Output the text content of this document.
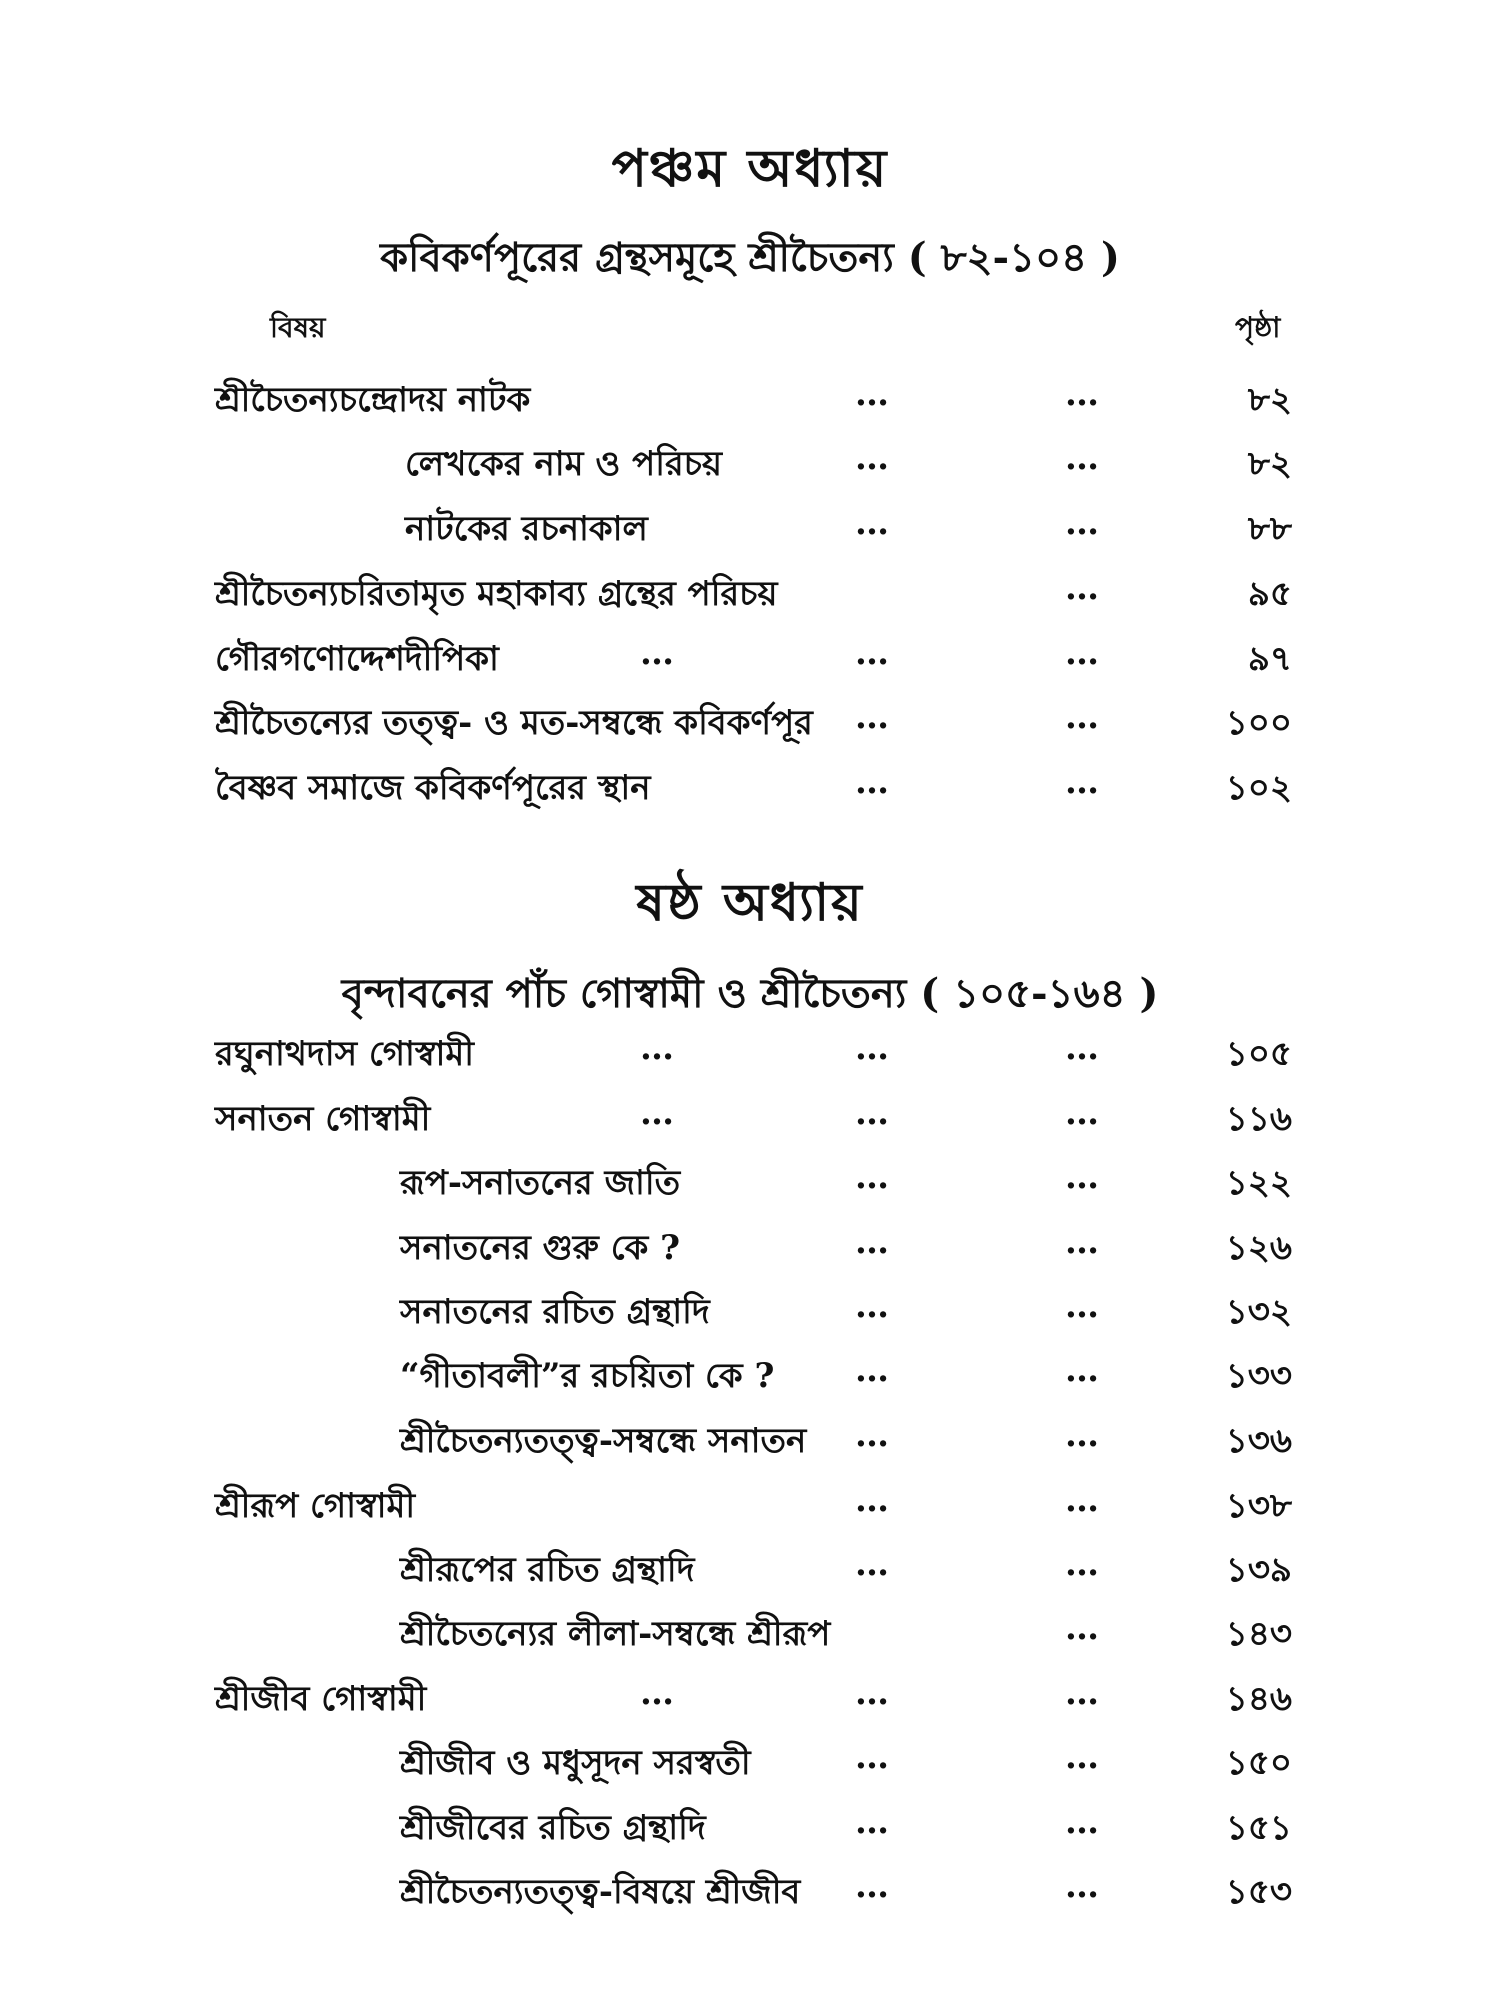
পঞ্চম অধ্যায়
কবিকর্ণপূরের গ্রন্থসমূহে শ্রীচৈতন্য ( ৮২-১০৪ )
বিষয়	পৃষ্ঠা
শ্রীচৈতন্যচন্দ্রোদয় নাটক	…	…	৮২
লেখকের নাম ও পরিচয়	…	…	৮২
নাটকের রচনাকাল	…	…	৮৮
শ্রীচৈতন্যচরিতামৃত মহাকাব্য গ্রন্থের পরিচয়	…	৯৫
গৌরগণোদ্দেশদীপিকা	…	…	…	৯৭
শ্রীচৈতন্যের তত্ত্ব- ও মত-সম্বন্ধে কবিকর্ণপূর …	…	১০০
বৈষ্ণব সমাজে কবিকর্ণপূরের স্থান	…	…	১০২
ষষ্ঠ অধ্যায়
বৃন্দাবনের পাঁচ গোস্বামী ও শ্রীচৈতন্য ( ১০৫-১৬৪ )
রঘুনাথদাস গোস্বামী	…	…	…	১০৫
সনাতন গোস্বামী	…	…	…	১১৬
রূপ-সনাতনের জাতি	…	…	১২২
সনাতনের গুরু কে ?	…	…	১২৬
সনাতনের রচিত গ্রন্থাদি	…	…	১৩২
“গীতাবলী”র রচয়িতা কে ? …	…	১৩৩
শ্রীচৈতন্যতত্ত্ব-সম্বন্ধে সনাতন …	…	১৩৬
শ্রীরূপ গোস্বামী	…	…	১৩৮
শ্রীরূপের রচিত গ্রন্থাদি	…	…	১৩৯
শ্রীচৈতন্যের লীলা-সম্বন্ধে শ্রীরূপ	…	১৪৩
শ্রীজীব গোস্বামী	…	…	…	১৪৬
শ্রীজীব ও মধুসূদন সরস্বতী	…	…	১৫০
শ্রীজীবের রচিত গ্রন্থাদি	…	…	১৫১
শ্রীচৈতন্যতত্ত্ব-বিষয়ে শ্রীজীব …	…	১৫৩
